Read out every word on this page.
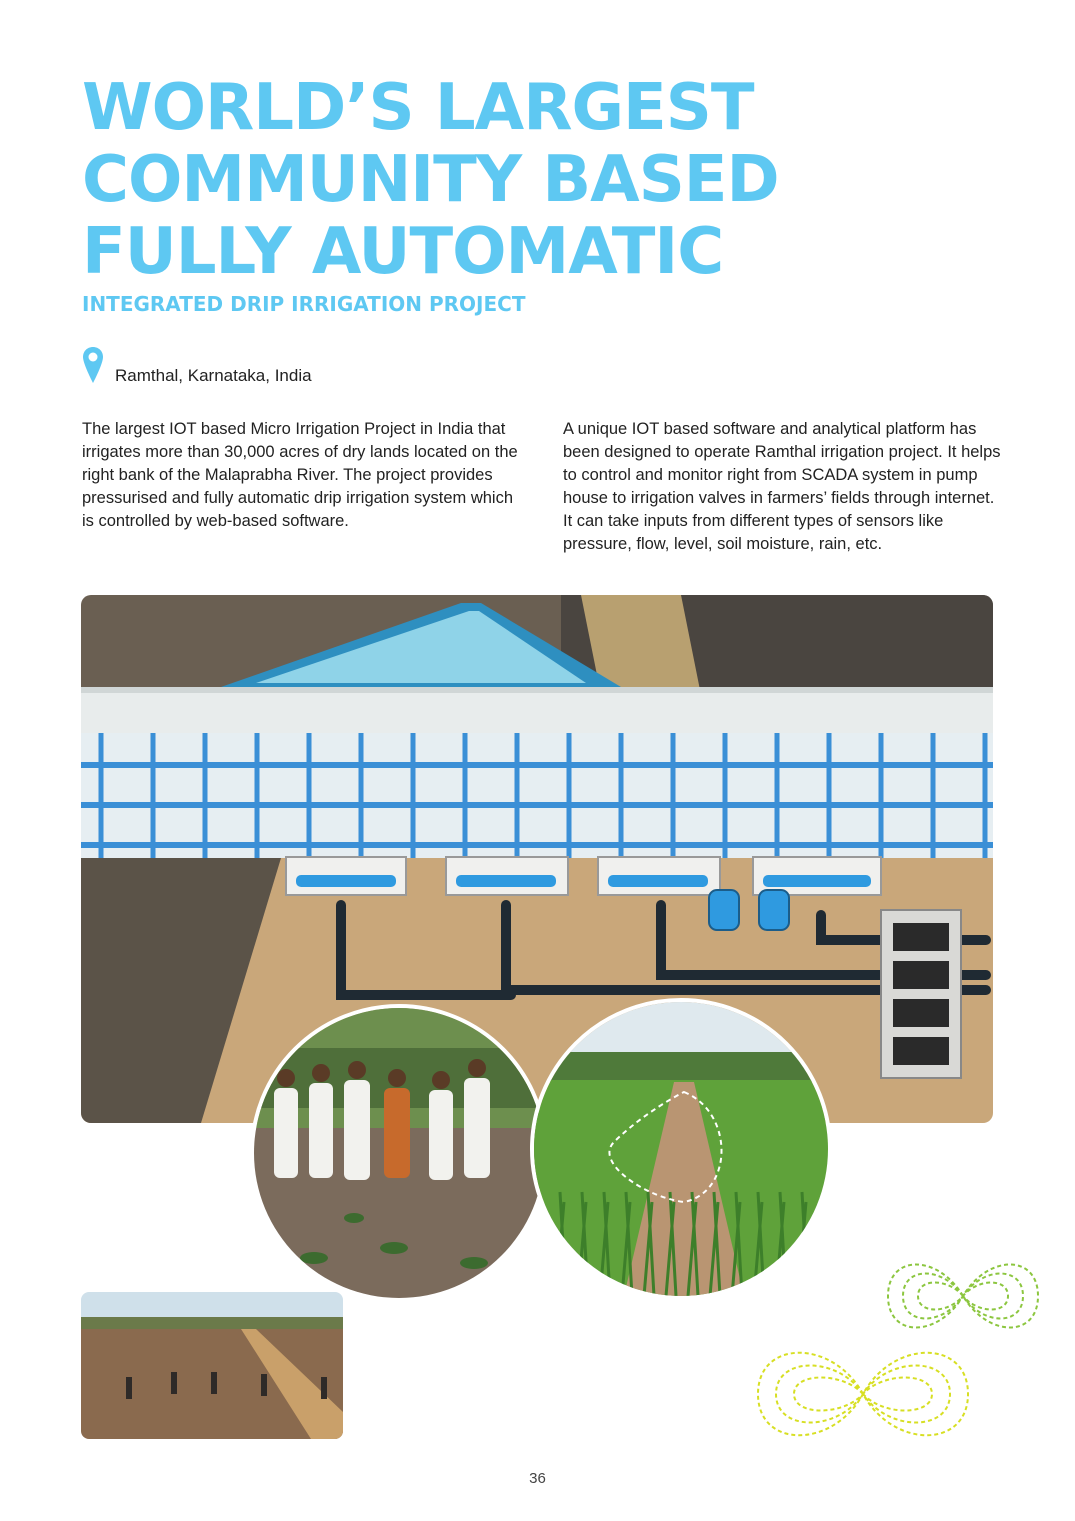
WORLD’S LARGEST
COMMUNITY BASED
FULLY AUTOMATIC
INTEGRATED DRIP IRRIGATION PROJECT
Ramthal, Karnataka, India

The largest IOT based Micro Irrigation Project in India that irrigates more than 30,000 acres of dry lands located on the right bank of the Malaprabha River. The project provides pressurised and fully automatic drip irrigation system which is controlled by web-based software.

A unique IOT based software and analytical platform has been designed to operate Ramthal irrigation project. It helps to control and monitor right from SCADA system in pump house to irrigation valves in farmers’ fields through internet. It can take inputs from different types of sensors like pressure, flow, level, soil moisture, rain, etc.

36
